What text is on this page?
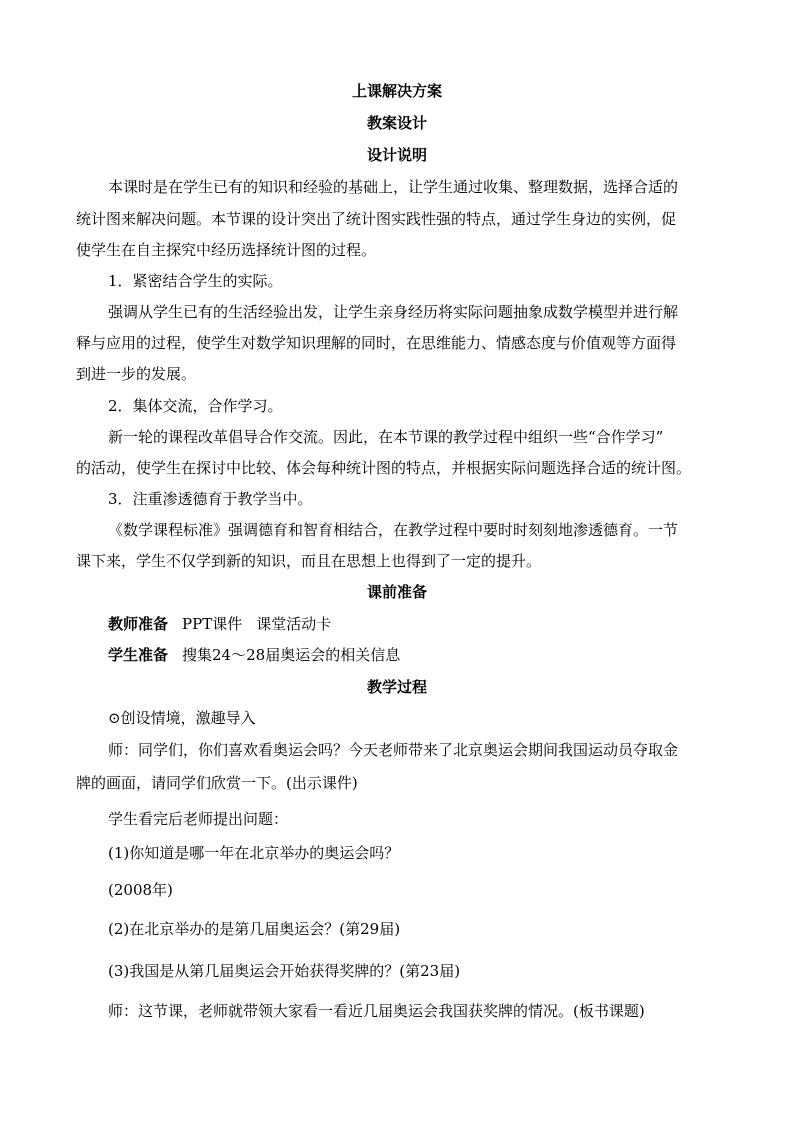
上课解决方案
教案设计
设计说明
本课时是在学生已有的知识和经验的基础上，让学生通过收集、整理数据，选择合适的
统计图来解决问题。本节课的设计突出了统计图实践性强的特点，通过学生身边的实例，促
使学生在自主探究中经历选择统计图的过程。
1．紧密结合学生的实际。
强调从学生已有的生活经验出发，让学生亲身经历将实际问题抽象成数学模型并进行解
释与应用的过程，使学生对数学知识理解的同时，在思维能力、情感态度与价值观等方面得
到进一步的发展。
2．集体交流，合作学习。
新一轮的课程改革倡导合作交流。因此，在本节课的教学过程中组织一些“合作学习”
的活动，使学生在探讨中比较、体会每种统计图的特点，并根据实际问题选择合适的统计图。
3．注重渗透德育于教学当中。
《数学课程标准》强调德育和智育相结合，在教学过程中要时时刻刻地渗透德育。一节
课下来，学生不仅学到新的知识，而且在思想上也得到了一定的提升。
课前准备
教师准备 PPT课件 课堂活动卡
学生准备 搜集24～28届奥运会的相关信息
教学过程
⊙创设情境，激趣导入
师：同学们，你们喜欢看奥运会吗？今天老师带来了北京奥运会期间我国运动员夺取金
牌的画面，请同学们欣赏一下。(出示课件)
学生看完后老师提出问题：
(1)你知道是哪一年在北京举办的奥运会吗？
(2008年)
(2)在北京举办的是第几届奥运会？(第29届)
(3)我国是从第几届奥运会开始获得奖牌的？(第23届)
师：这节课，老师就带领大家看一看近几届奥运会我国获奖牌的情况。(板书课题)
